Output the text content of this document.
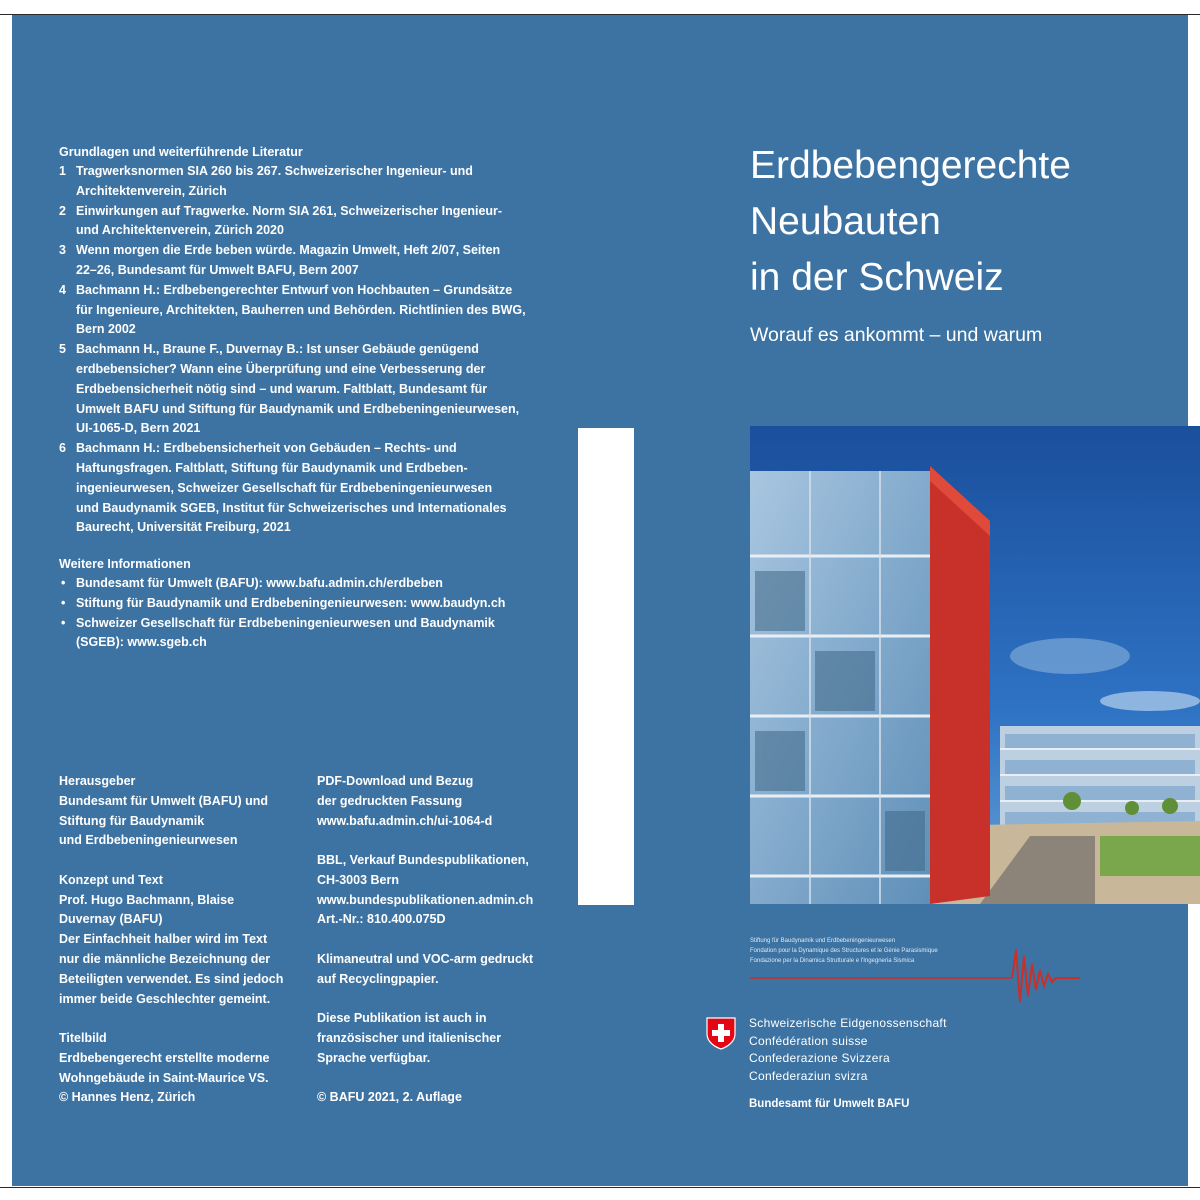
Grundlagen und weiterführende Literatur
1 Tragwerksnormen SIA 260 bis 267. Schweizerischer Ingenieur- und
Architektenverein, Zürich
2 Einwirkungen auf Tragwerke. Norm SIA 261, Schweizerischer Ingenieur-
und Architektenverein, Zürich 2020
3 Wenn morgen die Erde beben würde. Magazin Umwelt, Heft 2/07, Seiten
22–26, Bundesamt für Umwelt BAFU, Bern 2007
4 Bachmann H.: Erdbebengerechter Entwurf von Hochbauten – Grundsätze
für Ingenieure, Architekten, Bauherren und Behörden. Richtlinien des BWG,
Bern 2002
5 Bachmann H., Braune F., Duvernay B.: Ist unser Gebäude genügend
erdbebensicher? Wann eine Überprüfung und eine Verbesserung der
Erdbebensicherheit nötig sind – und warum. Faltblatt, Bundesamt für
Umwelt BAFU und Stiftung für Baudynamik und Erdbebeningenieurwesen,
UI-1065-D, Bern 2021
6 Bachmann H.: Erdbebensicherheit von Gebäuden – Rechts- und
Haftungsfragen. Faltblatt, Stiftung für Baudynamik und Erdbeben-
ingenieurwesen, Schweizer Gesellschaft für Erdbebeningenieurwesen
und Baudynamik SGEB, Institut für Schweizerisches und Internationales
Baurecht, Universität Freiburg, 2021
Weitere Informationen
• Bundesamt für Umwelt (BAFU): www.bafu.admin.ch/erdbeben
• Stiftung für Baudynamik und Erdbebeningenieurwesen: www.baudyn.ch
• Schweizer Gesellschaft für Erdbebeningenieurwesen und Baudynamik
(SGEB): www.sgeb.ch
Herausgeber
Bundesamt für Umwelt (BAFU) und
Stiftung für Baudynamik
und Erdbebeningenieurwesen
Konzept und Text
Prof. Hugo Bachmann, Blaise
Duvernay (BAFU)
Der Einfachheit halber wird im Text
nur die männliche Bezeichnung der
Beteiligten verwendet. Es sind jedoch
immer beide Geschlechter gemeint.
Titelbild
Erdbebengerecht erstellte moderne
Wohngebäude in Saint-Maurice VS.
© Hannes Henz, Zürich
PDF-Download und Bezug
der gedruckten Fassung
www.bafu.admin.ch/ui-1064-d
BBL, Verkauf Bundespublikationen,
CH-3003 Bern
www.bundespublikationen.admin.ch
Art.-Nr.: 810.400.075D
Klimaneutral und VOC-arm gedruckt
auf Recyclingpapier.
Diese Publikation ist auch in
französischer und italienischer
Sprache verfügbar.
© BAFU 2021, 2. Auflage
Erdbebengerechte
Neubauten
in der Schweiz
Worauf es ankommt – und warum
Stiftung für Baudynamik und Erdbebeningenieurwesen
Fondation pour la Dynamique des Structures et le Génie Parasismique
Fondazione per la Dinamica Strutturale e l'Ingegneria Sismica
Schweizerische Eidgenossenschaft
Confédération suisse
Confederazione Svizzera
Confederaziun svizra
Bundesamt für Umwelt BAFU
